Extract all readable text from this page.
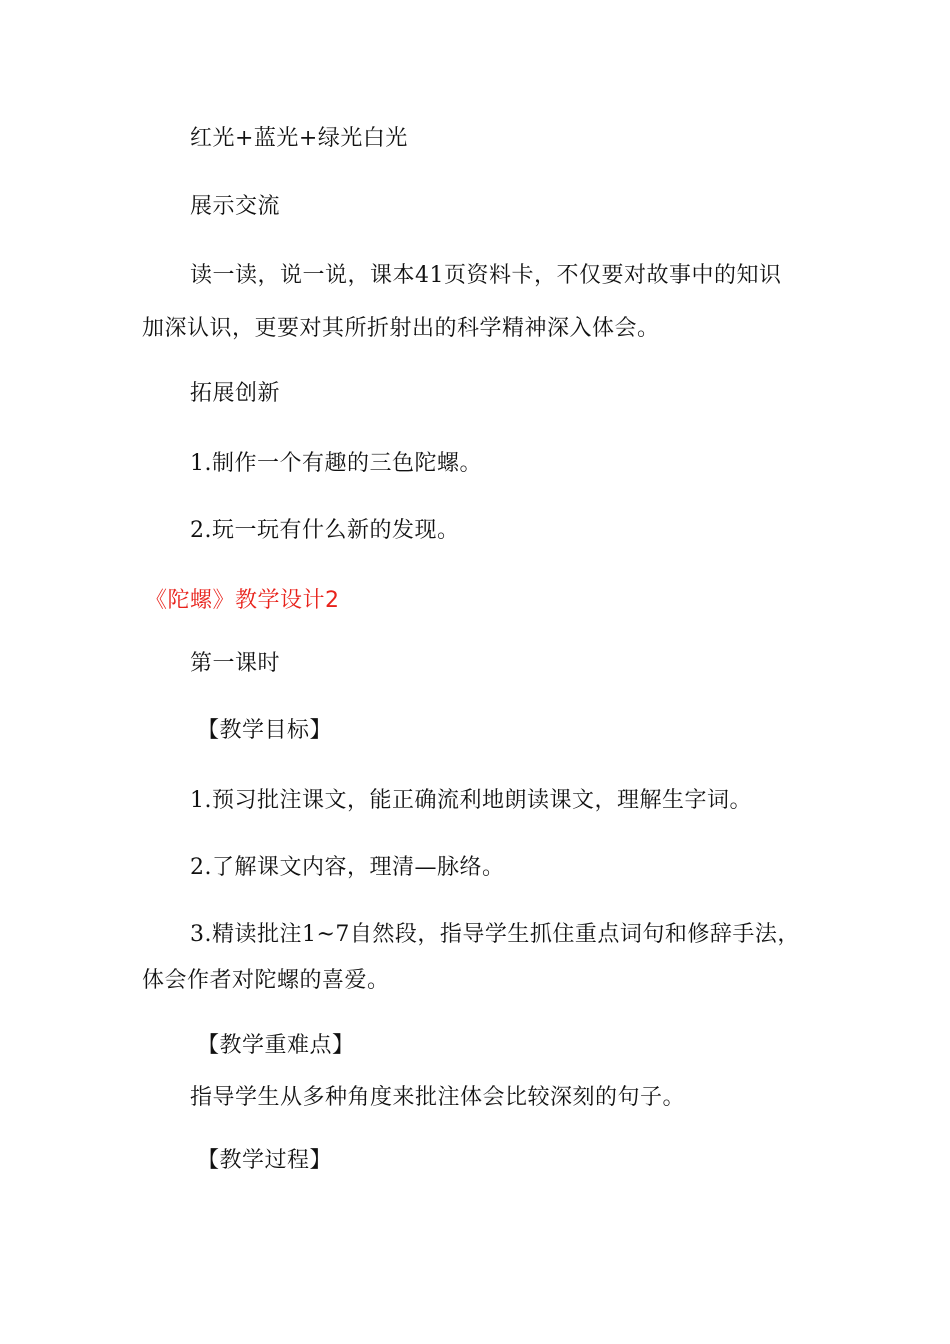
红光+蓝光+绿光白光
展示交流
读一读，说一说，课本41页资料卡，不仅要对故事中的知识
加深认识，更要对其所折射出的科学精神深入体会。
拓展创新
1.制作一个有趣的三色陀螺。
2.玩一玩有什么新的发现。
《陀螺》教学设计2
第一课时
【教学目标】
1.预习批注课文，能正确流利地朗读课文，理解生字词。
2.了解课文内容，理清—脉络。
3.精读批注1~7自然段，指导学生抓住重点词句和修辞手法，
体会作者对陀螺的喜爱。
【教学重难点】
指导学生从多种角度来批注体会比较深刻的句子。
【教学过程】
